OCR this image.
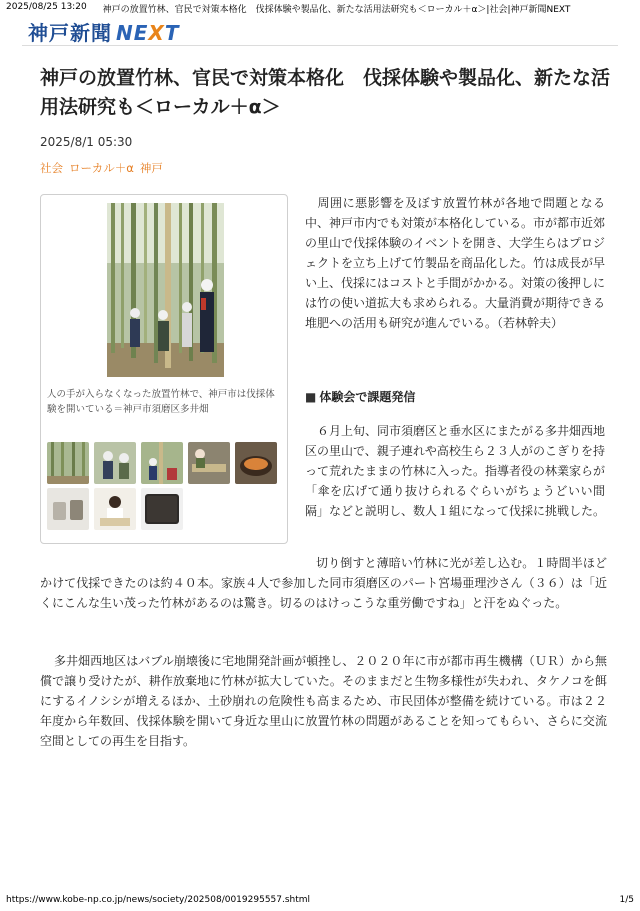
2025/08/25 13:20 神戸の放置竹林、官民で対策本格化　伐採体験や製品化、新たな活用法研究も＜ローカル＋α＞|社会|神戸新聞NEXT
神戸新聞 NEXT
神戸の放置竹林、官民で対策本格化　伐採体験や製品化、新たな活用法研究も＜ローカル＋α＞
2025/8/1 05:30
社会 ローカル＋α 神戸

人の手が入らなくなった放置竹林で、神戸市は伐採体験を開いている＝神戸市須磨区多井畑

　周囲に悪影響を及ぼす放置竹林が各地で問題となる中、神戸市内でも対策が本格化している。市が都市近郊の里山で伐採体験のイベントを開き、大学生らはプロジェクトを立ち上げて竹製品を商品化した。竹は成長が早い上、伐採にはコストと手間がかかる。対策の後押しには竹の使い道拡大も求められる。大量消費が期待できる堆肥への活用も研究が進んでいる。（若林幹夫）

■ 体験会で課題発信

　６月上旬、同市須磨区と垂水区にまたがる多井畑西地区の里山で、親子連れや高校生ら２３人がのこぎりを持って荒れたままの竹林に入った。指導者役の林業家らが「傘を広げて通り抜けられるぐらいがちょうどいい間隔」などと説明し、数人１組になって伐採に挑戦した。

切り倒すと薄暗い竹林に光が差し込む。１時間半ほどかけて伐採できたのは約４０本。家族４人で参加した同市須磨区のパート宮場亜理沙さん（３６）は「近くにこんな生い茂った竹林があるのは驚き。切るのはけっこうな重労働ですね」と汗をぬぐった。

多井畑西地区はバブル崩壊後に宅地開発計画が頓挫し、２０２０年に市が都市再生機構（ＵＲ）から無償で譲り受けたが、耕作放棄地に竹林が拡大していた。そのままだと生物多様性が失われ、タケノコを餌にするイノシシが増えるほか、土砂崩れの危険性も高まるため、市民団体が整備を続けている。市は２２年度から年数回、伐採体験を開いて身近な里山に放置竹林の問題があることを知ってもらい、さらに交流空間としての再生を目指す。

https://www.kobe-np.co.jp/news/society/202508/0019295557.shtml	1/5
